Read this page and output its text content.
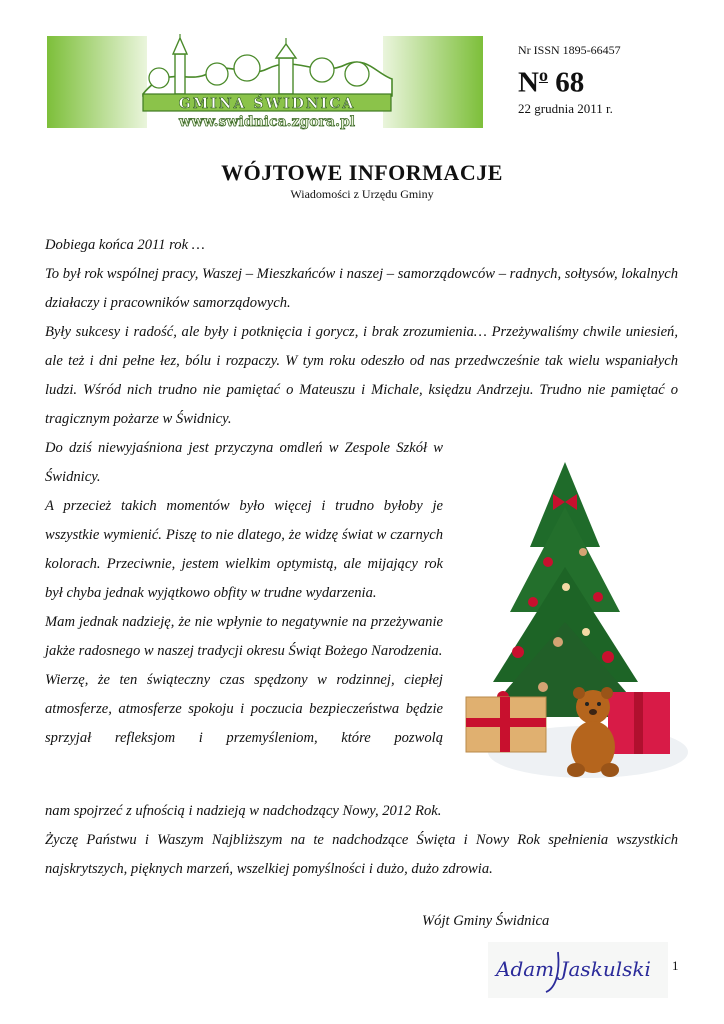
GMINA ŚWIDNICA
www.swidnica.zgora.pl

Nr ISSN 1895-66457

$N^o$ 68

22 grudnia 2011 r.

WÓJTOWE INFORMACJE
Wiadomości z Urzędu Gminy

Dobiega końca 2011 rok …

To był rok wspólnej pracy, Waszej – Mieszkańców i naszej – samorządowców – radnych, sołtysów, lokalnych działaczy i pracowników samorządowych.

Były sukcesy i radość, ale były i potknięcia i gorycz, i brak zrozumienia… Przeżywaliśmy chwile uniesień, ale też i dni pełne łez, bólu i rozpaczy. W tym roku odeszło od nas przedwcześnie tak wielu wspaniałych ludzi. Wśród nich trudno nie pamiętać o Mateuszu i Michale, księdzu Andrzeju. Trudno nie pamiętać o tragicznym pożarze w Świdnicy.

Do dziś niewyjaśniona jest przyczyna omdleń w Zespole Szkół w Świdnicy.

A przecież takich momentów było więcej i trudno byłoby je wszystkie wymienić. Piszę to nie dlatego, że widzę świat w czarnych kolorach. Przeciwnie, jestem wielkim optymistą, ale mijający rok był chyba jednak wyjątkowo obfity w trudne wydarzenia.

Mam jednak nadzieję, że nie wpłynie to negatywnie na przeżywanie jakże radosnego w naszej tradycji okresu Świąt Bożego Narodzenia.

Wierzę, że ten świąteczny czas spędzony w rodzinnej, ciepłej atmosferze, atmosferze spokoju i poczucia bezpieczeństwa będzie sprzyjał refleksjom i przemyśleniom, które pozwolą

nam spojrzeć z ufnością i nadzieją w nadchodzący Nowy, 2012 Rok.

Życzę Państwu i Waszym Najbliższym na te nadchodzące Święta i Nowy Rok spełnienia wszystkich najskrytszych, pięknych marzeń, wszelkiej pomyślności i dużo, dużo zdrowia.

Wójt Gminy Świdnica
Adam Jaskulski 1
